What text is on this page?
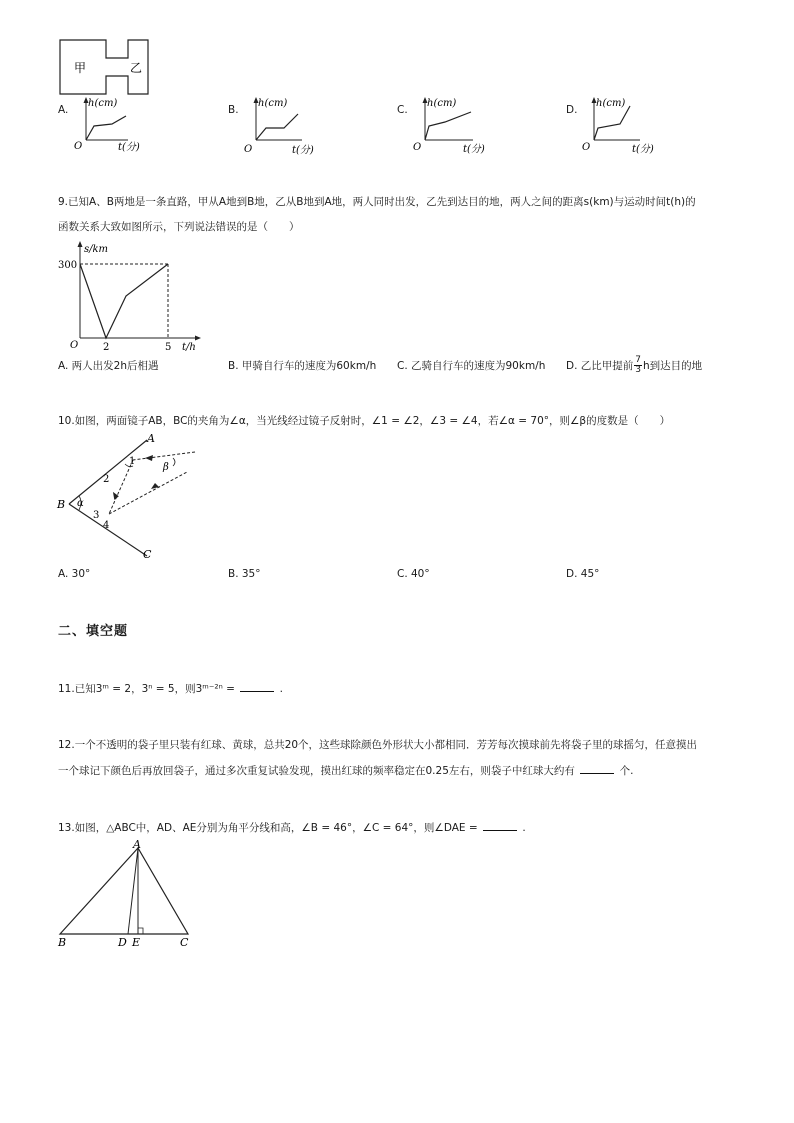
甲	乙
A.
h(cm)
O	t(分)
B.
h(cm)
O	t(分)
C.
h(cm)
O	t(分)
D.
h(cm)
O	t(分)
9.已知A、B两地是一条直路，甲从A地到B地，乙从B地到A地，两人同时出发，乙先到达目的地，两人之间的距离s(km)与运动时间t(h)的
函数关系大致如图所示，下列说法错误的是（　　）
s/km
300
O 2	5 t/h
A. 两人出发2h后相遇	B. 甲骑自行车的速度为60km/h C. 乙骑自行车的速度为90km/h D. 乙比甲提前 $\frac{7}{3}$ h到达目的地
10.如图，两面镜子AB，BC的夹角为∠α，当光线经过镜子反射时，∠1 = ∠2，∠3 = ∠4，若∠α = 70°，则∠β的度数是（　　）
A
B
C
α
β
1
2
3
4
A. 30°	B. 35°	C. 40°	D. 45°
二、填空题
11.已知3ᵐ = 2，3ⁿ = 5，则3ᵐ⁻²ⁿ =	.
12.一个不透明的袋子里只装有红球、黄球，总共20个，这些球除颜色外形状大小都相同．芳芳每次摸球前先将袋子里的球摇匀，任意摸出
一个球记下颜色后再放回袋子，通过多次重复试验发现，摸出红球的频率稳定在0.25左右，则袋子中红球大约有	个.
13.如图，△ABC中，AD、AE分别为角平分线和高，∠B = 46°，∠C = 64°，则∠DAE =	.
A
B	D E	C
